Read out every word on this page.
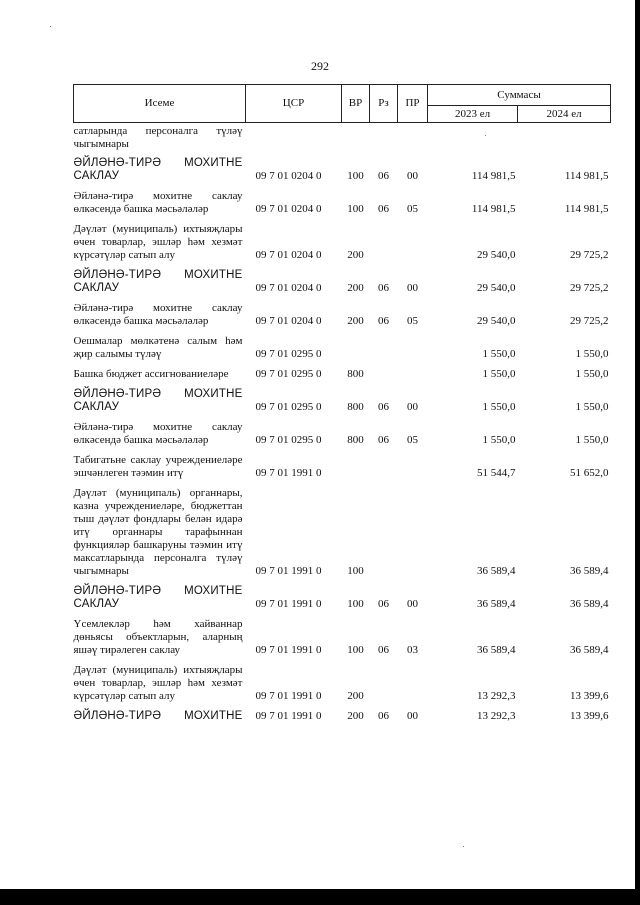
292
Исеме	ЦСР	ВР	Рз	ПР	Суммасы	
					2023 ел	2024 ел
сатларында персоналга түләү чыгымнары						
ӘЙЛӘНӘ-ТИРӘ МОХИТНЕ САКЛАУ	09 7 01 0204 0	100	06	00	114 981,5	114 981,5
Әйләнә-тирә мохитне саклау өлкәсендә башка мәсьәләләр	09 7 01 0204 0	100	06	05	114 981,5	114 981,5
Дәүләт (муниципаль) ихтыяҗлары өчен товарлар, эшләр һәм хезмәт күрсәтүләр сатып алу	09 7 01 0204 0	200			29 540,0	29 725,2
ӘЙЛӘНӘ-ТИРӘ МОХИТНЕ САКЛАУ	09 7 01 0204 0	200	06	00	29 540,0	29 725,2
Әйләнә-тирә мохитне саклау өлкәсендә башка мәсьәләләр	09 7 01 0204 0	200	06	05	29 540,0	29 725,2
Оешмалар мөлкәтенә салым һәм җир салымы түләү	09 7 01 0295 0				1 550,0	1 550,0
Башка бюджет ассигнованиеләре	09 7 01 0295 0	800			1 550,0	1 550,0
ӘЙЛӘНӘ-ТИРӘ МОХИТНЕ САКЛАУ	09 7 01 0295 0	800	06	00	1 550,0	1 550,0
Әйләнә-тирә мохитне саклау өлкәсендә башка мәсьәләләр	09 7 01 0295 0	800	06	05	1 550,0	1 550,0
Табигатьне саклау учреждениеләре эшчәнлеген тәэмин итү	09 7 01 1991 0				51 544,7	51 652,0
Дәүләт (муниципаль) органнары, казна учреждениеләре, бюджеттан тыш дәүләт фондлары белән идарә итү органнары тарафыннан функцияләр башкаруны тәэмин итү максатларында персоналга түләү чыгымнары	09 7 01 1991 0	100			36 589,4	36 589,4
ӘЙЛӘНӘ-ТИРӘ МОХИТНЕ САКЛАУ	09 7 01 1991 0	100	06	00	36 589,4	36 589,4
Үсемлекләр һәм хайваннар дөньясы объектларын, аларның яшәү тирәлеген саклау	09 7 01 1991 0	100	06	03	36 589,4	36 589,4
Дәүләт (муниципаль) ихтыяҗлары өчен товарлар, эшләр һәм хезмәт күрсәтүләр сатып алу	09 7 01 1991 0	200			13 292,3	13 399,6
ӘЙЛӘНӘ-ТИРӘ МОХИТНЕ	09 7 01 1991 0	200	06	00	13 292,3	13 399,6
